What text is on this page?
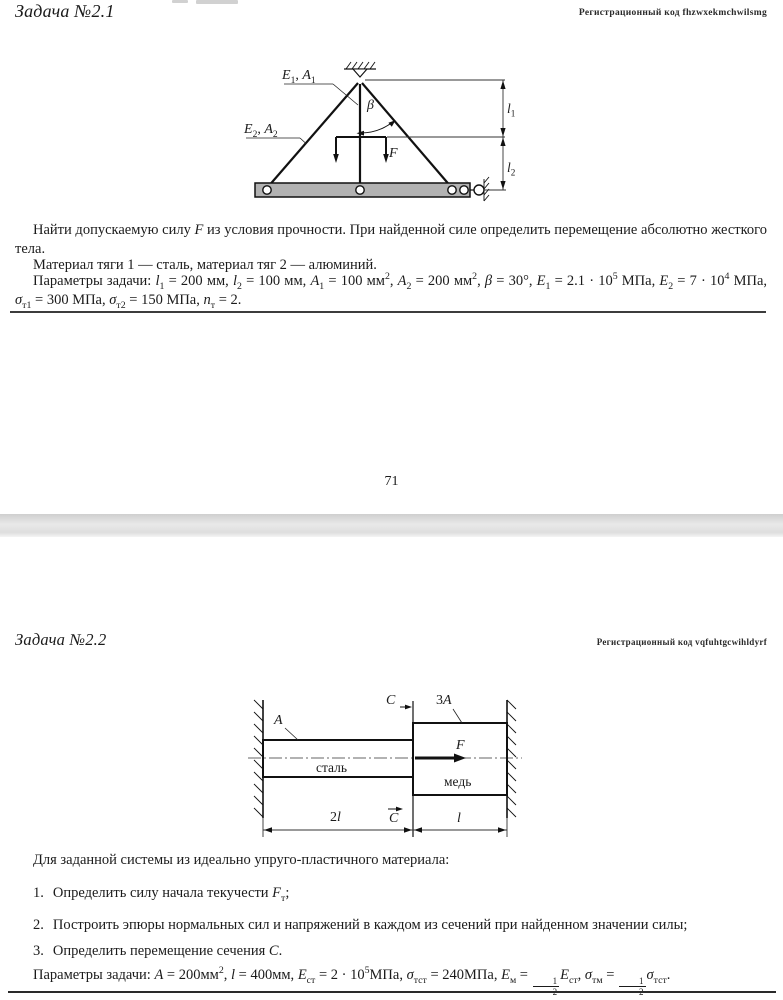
Задача №2.1	Регистрационный код fhzwxekmchwilsmg
$E_1$, $A_1$
$E_2$, $A_2$
β
F
$l_1$
$l_2$
Найти допускаемую силу F из условия прочности. При найденной силе определить перемещение абсолютно жесткого тела.
Материал тяги 1 — сталь, материал тяг 2 — алюминий.
Параметры задачи: $l_1 = 200$ мм, $l_2 = 100$ мм, $A_1 = 100$ $мм^2$, $A_2 = 200$ $мм^2$, β = 30°, $E_1 = 2.1 \cdot 10^5$ МПа, $E_2 = 7 \cdot 10^4$ МПа, $\sigma_{т1} = 300$ МПа, $\sigma_{т2} = 150$ МПа, $n_т = 2$.
71
Задача №2.2	Регистрационный код vqfuhtgcwihldyrf
A
3A
C
F
сталь
медь
C
2l	l
Для заданной системы из идеально упруго-пластичного материала:
1. Определить силу начала текучести $F_т$;
2. Построить эпюры нормальных сил и напряжений в каждом из сечений при найденном значении силы;
3. Определить перемещение сечения C.
Параметры задачи: $A = 200мм^2$, l = 400мм, $E_{ст} = 2 \cdot 10^5МПа$, $\sigma_{тст} = 240МПа$, $E_м$ =	1 $E_{ст}$, $\sigma_{тм}$ =	1 $\sigma_{тст}$.
